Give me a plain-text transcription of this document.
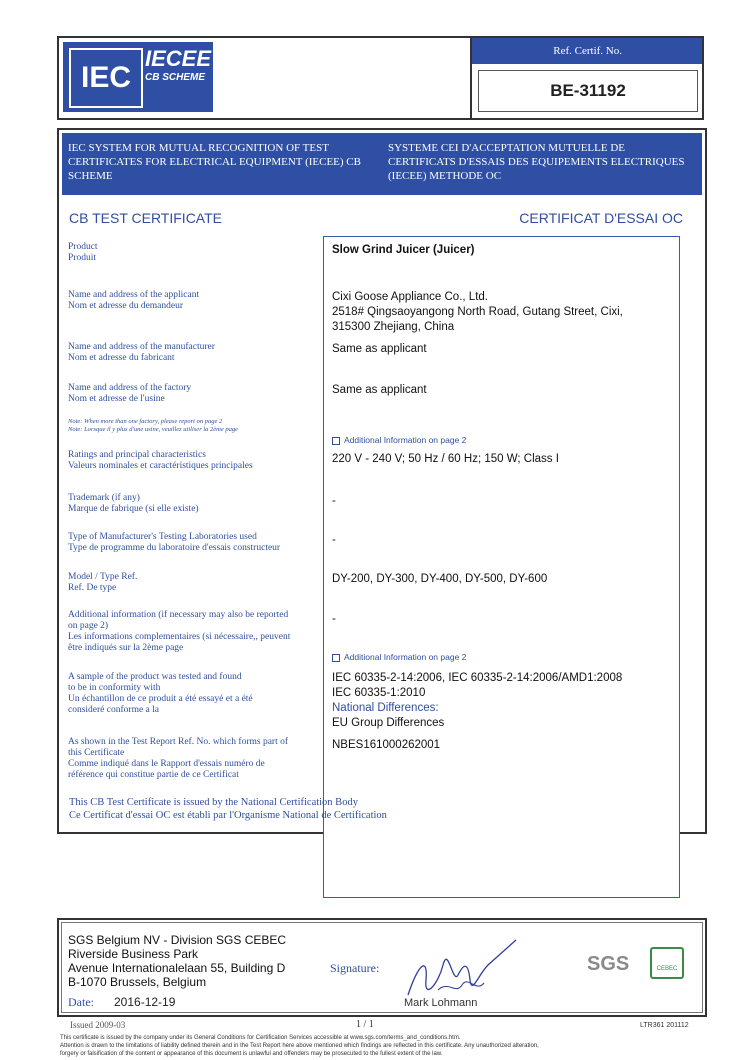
IEC
IECEE
CB SCHEME
Ref. Certif. No.
BE-31192
IEC SYSTEM FOR MUTUAL RECOGNITION OF TEST CERTIFICATES FOR ELECTRICAL EQUIPMENT (IECEE) CB SCHEME
SYSTEME CEI D'ACCEPTATION MUTUELLE DE CERTIFICATS D'ESSAIS DES EQUIPEMENTS ELECTRIQUES (IECEE) METHODE OC
CB TEST CERTIFICATE	CERTIFICAT D'ESSAI OC
Product
Produit
Slow Grind Juicer (Juicer)
Name and address of the applicant
Nom et adresse du demandeur
Cixi Goose Appliance Co., Ltd.
2518# Qingsaoyangong North Road, Gutang Street, Cixi,
315300 Zhejiang, China
Name and address of the manufacturer
Nom et adresse du fabricant
Same as applicant
Name and address of the factory
Nom et adresse de l'usine
Same as applicant
Note: When more than one factory, please report on page 2
Note: Lorsque il y plus d'une usine, veuillez utiliser la 2ème page
Additional Information on page 2
Ratings and principal characteristics
Valeurs nominales et caractéristiques principales
220 V - 240 V; 50 Hz / 60 Hz; 150 W; Class I
Trademark (if any)
Marque de fabrique (si elle existe)
-
Type of Manufacturer's Testing Laboratories used
Type de programme du laboratoire d'essais constructeur
-
Model / Type Ref.
Ref. De type
DY-200, DY-300, DY-400, DY-500, DY-600
Additional information (if necessary may also be reported
on page 2)
Les informations complementaires (si nécessaire,, peuvent
être indiqués sur la 2ème page
-
Additional Information on page 2
A sample of the product was tested and found
to be in conformity with
Un échantillon de ce produit a été essayé et a été
consideré conforme a la
IEC 60335-2-14:2006, IEC 60335-2-14:2006/AMD1:2008
IEC 60335-1:2010
National Differences:
EU Group Differences
As shown in the Test Report Ref. No. which forms part of
this Certificate
Comme indiqué dans le Rapport d'essais numéro de
référence qui constitue partie de ce Certificat
NBES161000262001
This CB Test Certificate is issued by the National Certification Body
Ce Certificat d'essai OC est établi par l'Organisme National de Certification
SGS Belgium NV - Division SGS CEBEC
Riverside Business Park
Avenue Internationalelaan 55, Building D
B-1070 Brussels, Belgium
Date: 2016-12-19
Signature:
Mark Lohmann
SGS	CEBEC
Issued 2009-03	1 / 1	LTR361 201112
This certificate is issued by the company under its General Conditions for Certification Services accessible at www.sgs.com/terms_and_conditions.htm.
Attention is drawn to the limitations of liability defined therein and in the Test Report here above mentioned which findings are reflected in this certificate. Any unauthorized alteration,
forgery or falsification of the content or appearance of this document is unlawful and offenders may be prosecuted to the fullest extent of the law.
